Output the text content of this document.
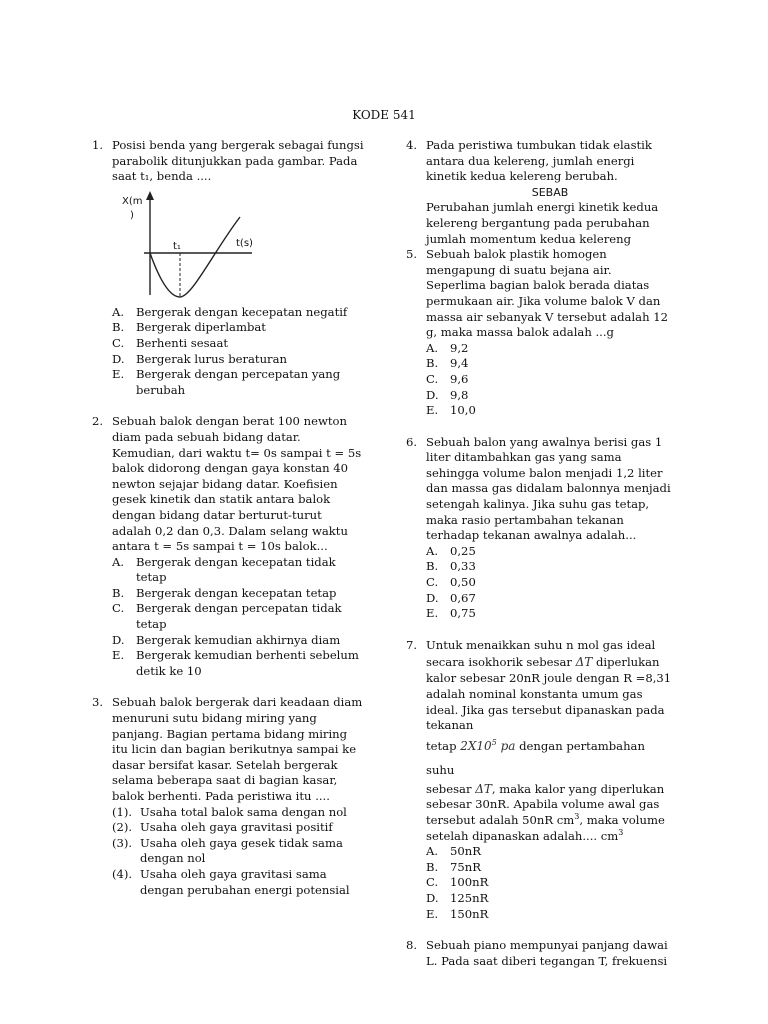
KODE 541
1. Posisi benda yang bergerak sebagai fungsi parabolik ditunjukkan pada gambar. Pada saat t₁, benda ....
X(m
)
t(s)
t₁
A. Bergerak dengan kecepatan negatif
B. Bergerak diperlambat
C. Berhenti sesaat
D. Bergerak lurus beraturan
E. Bergerak dengan percepatan yang berubah
2. Sebuah balok dengan berat 100 newton diam pada sebuah bidang datar. Kemudian, dari waktu t= 0s sampai t = 5s balok didorong dengan gaya konstan 40 newton sejajar bidang datar. Koefisien gesek kinetik dan statik antara balok dengan bidang datar berturut-turut adalah 0,2 dan 0,3. Dalam selang waktu antara t = 5s sampai t = 10s balok...
A. Bergerak dengan kecepatan tidak tetap
B. Bergerak dengan kecepatan tetap
C. Bergerak dengan percepatan tidak tetap
D. Bergerak kemudian akhirnya diam
E. Bergerak kemudian berhenti sebelum detik ke 10
3. Sebuah balok bergerak dari keadaan diam menuruni sutu bidang miring yang panjang. Bagian pertama bidang miring itu licin dan bagian berikutnya sampai ke dasar bersifat kasar. Setelah bergerak selama beberapa saat di bagian kasar, balok berhenti. Pada peristiwa itu ....
(1). Usaha total balok sama dengan nol
(2). Usaha oleh gaya gravitasi positif
(3). Usaha oleh gaya gesek tidak sama dengan nol
(4). Usaha oleh gaya gravitasi sama dengan perubahan energi potensial
4. Pada peristiwa tumbukan tidak elastik antara dua kelereng, jumlah energi kinetik kedua kelereng berubah.
SEBAB
Perubahan jumlah energi kinetik kedua kelereng bergantung pada perubahan jumlah momentum kedua kelereng
5. Sebuah balok plastik homogen mengapung di suatu bejana air. Seperlima bagian balok berada diatas permukaan air. Jika volume balok V dan massa air sebanyak V tersebut adalah 12 g, maka massa balok adalah ...g
A. 9,2
B. 9,4
C. 9,6
D. 9,8
E. 10,0
6. Sebuah balon yang awalnya berisi gas 1 liter ditambahkan gas yang sama sehingga volume balon menjadi 1,2 liter dan massa gas didalam balonnya menjadi setengah kalinya. Jika suhu gas tetap, maka rasio pertambahan tekanan terhadap tekanan awalnya adalah...
A. 0,25
B. 0,33
C. 0,50
D. 0,67
E. 0,75
7. Untuk menaikkan suhu n mol gas ideal
secara isokhorik sebesar ΔT diperlukan
kalor sebesar 20nR joule dengan R =8,31 adalah nominal konstanta umum gas ideal. Jika gas tersebut dipanaskan pada tekanan
tetap $2X10^5$ pa dengan pertambahan suhu
sebesar ΔT, maka kalor yang diperlukan sebesar 30nR. Apabila volume awal gas tersebut adalah 50nR $cm^3$, maka volume setelah dipanaskan adalah.... $cm^3$
A. 50nR
B. 75nR
C. 100nR
D. 125nR
E. 150nR
8. Sebuah piano mempunyai panjang dawai L. Pada saat diberi tegangan T, frekuensi
